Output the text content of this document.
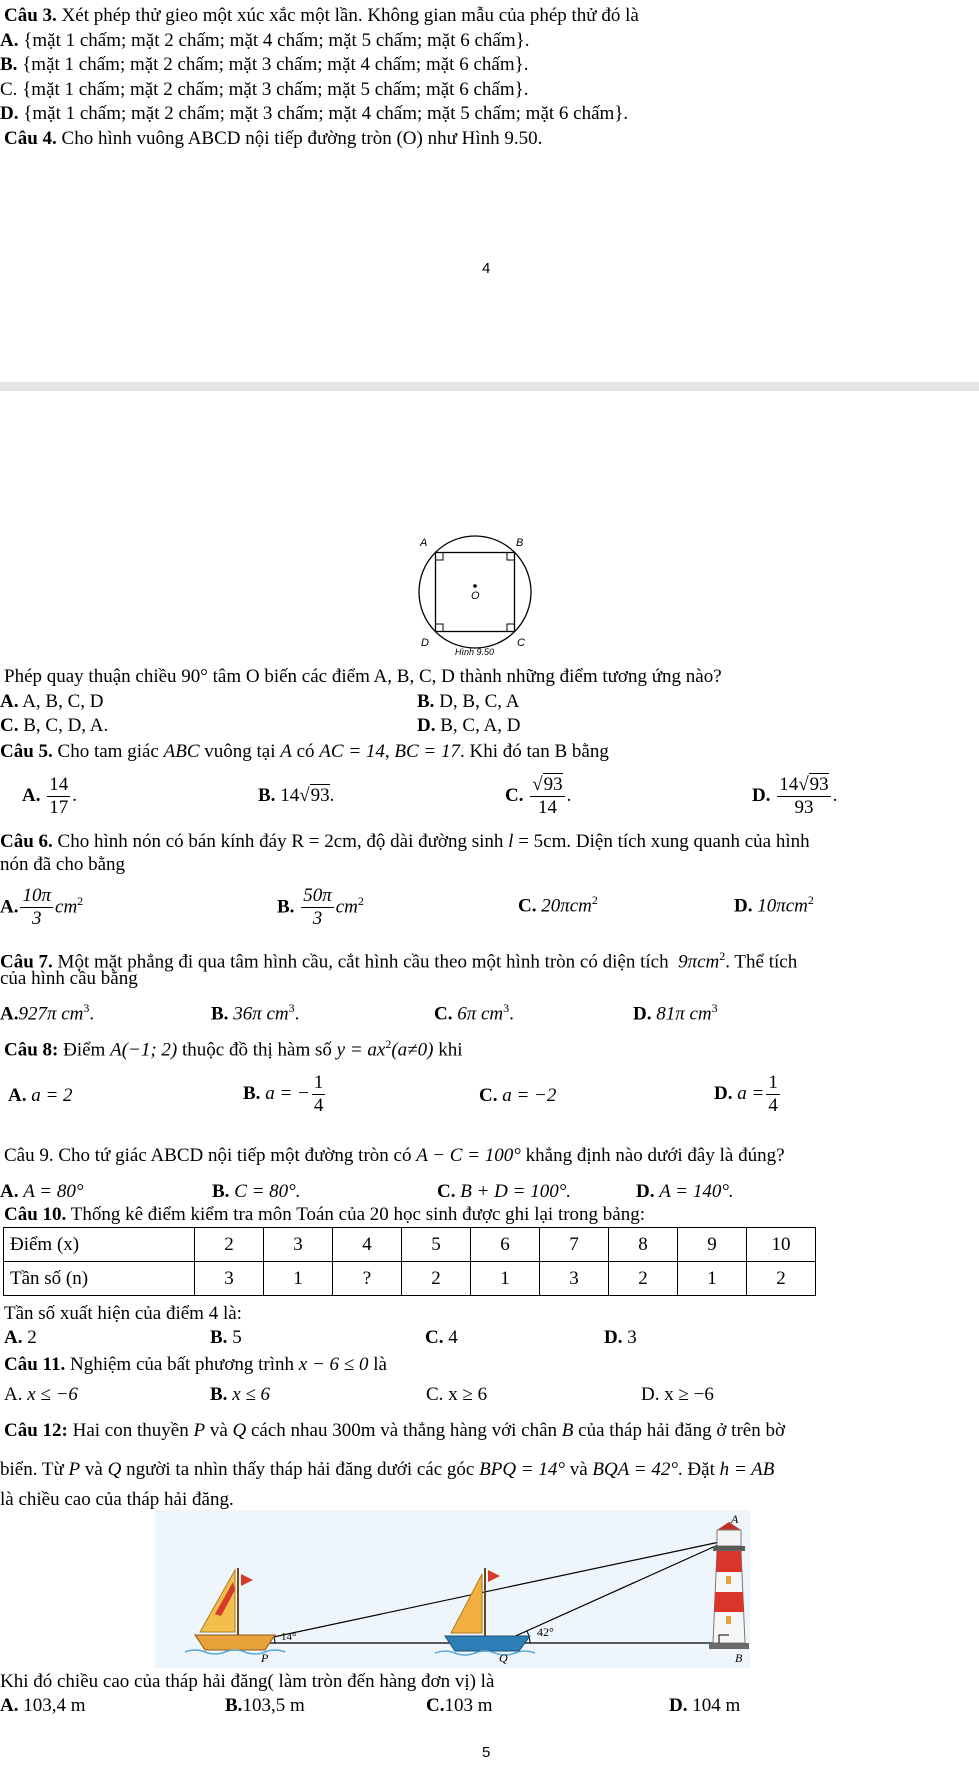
Câu 3. Xét phép thử gieo một xúc xắc một lần. Không gian mẫu của phép thử đó là
A. {mặt 1 chấm; mặt 2 chấm; mặt 4 chấm; mặt 5 chấm; mặt 6 chấm}.
B. {mặt 1 chấm; mặt 2 chấm; mặt 3 chấm; mặt 4 chấm; mặt 6 chấm}.
C. {mặt 1 chấm; mặt 2 chấm; mặt 3 chấm; mặt 5 chấm; mặt 6 chấm}.
D. {mặt 1 chấm; mặt 2 chấm; mặt 3 chấm; mặt 4 chấm; mặt 5 chấm; mặt 6 chấm}.
Câu 4. Cho hình vuông ABCD nội tiếp đường tròn (O) như Hình 9.50.
4
A	B
C
D
O
Hình 9.50
Phép quay thuận chiều 90° tâm O biến các điểm A, B, C, D thành những điểm tương ứng nào?
A. A, B, C, D	B. D, B, C, A
C. B, C, D, A.	D. B, C, A, D
Câu 5. Cho tam giác ABC vuông tại A có AC = 14, BC = 17. Khi đó tan B bằng
A. $\frac{14}{17}$ .	B. 14√93.	C. $\frac{√93}{14}$ .	D. $\frac{14√93}{93}$ .
Câu 6. Cho hình nón có bán kính đáy R = 2cm, độ dài đường sinh l = 5cm. Diện tích xung quanh của hình
nón đã cho bằng
A. $\frac{10\pi}{3} cm^2$	B. $\frac{50\pi}{3} cm^2$	C. 20πcm$^2$	D. 10πcm$^2$
Câu 7. Một mặt phẳng đi qua tâm hình cầu, cắt hình cầu theo một hình tròn có diện tích 9πcm$^2$. Thể tích
của hình cầu bằng
A.927π $cm^3$.	B. 36π $cm^3$.	C. 6π $cm^3$.	D. 81π $cm^3$
Câu 8: Điểm A(−1; 2) thuộc đồ thị hàm số $y = ax^2(a\ne 0)$ khi
A. a = 2	B. a = − $\frac{1}{4}$	C. a = −2	D. $a = \frac{1}{4}$
Câu 9. Cho tứ giác ABCD nội tiếp một đường tròn có A − C = 100° khẳng định nào dưới đây là đúng?
A. A = 80°	B. C = 80°.	C. B + D = 100°.	D. A = 140°.
Câu 10. Thống kê điểm kiểm tra môn Toán của 20 học sinh được ghi lại trong bảng:
Điểm (x)	2	3	4	5	6	7	8	9	10
Tần số (n)	3	1	?	2	1	3	2	1	2
Tần số xuất hiện của điểm 4 là:
A. 2	B. 5	C. 4	D. 3
Câu 11. Nghiệm của bất phương trình x − 6 ≤ 0 là
A. x ≤ −6	B. x ≤ 6	C. x ≥ 6	D. x ≥ −6
Câu 12: Hai con thuyền P và Q cách nhau 300m và thẳng hàng với chân B của tháp hải đăng ở trên bờ
biển. Từ P và Q người ta nhìn thấy tháp hải đăng dưới các góc BPQ = 14° và BQA = 42°. Đặt h = AB
là chiều cao của tháp hải đăng.
A
B
P	Q
14°	42°
Khi đó chiều cao của tháp hải đăng( làm tròn đến hàng đơn vị) là
A. 103,4 m	B.103,5 m	C.103 m	D. 104 m
5
